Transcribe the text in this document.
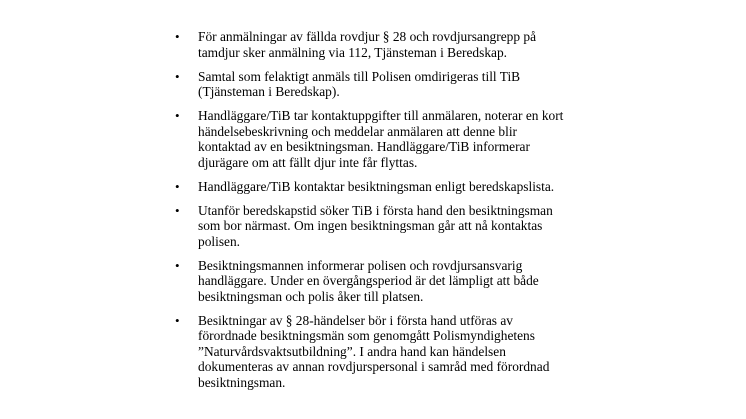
• För anmälningar av fällda rovdjur § 28 och rovdjursangrepp på
tamdjur sker anmälning via 112, Tjänsteman i Beredskap.
• Samtal som felaktigt anmäls till Polisen omdirigeras till TiB
(Tjänsteman i Beredskap).
• Handläggare/TiB tar kontaktuppgifter till anmälaren, noterar en kort
händelsebeskrivning och meddelar anmälaren att denne blir
kontaktad av en besiktningsman. Handläggare/TiB informerar
djurägare om att fällt djur inte får flyttas.
• Handläggare/TiB kontaktar besiktningsman enligt beredskapslista.
• Utanför beredskapstid söker TiB i första hand den besiktningsman
som bor närmast. Om ingen besiktningsman går att nå kontaktas
polisen.
• Besiktningsmannen informerar polisen och rovdjursansvarig
handläggare. Under en övergångsperiod är det lämpligt att både
besiktningsman och polis åker till platsen.
• Besiktningar av § 28-händelser bör i första hand utföras av
förordnade besiktningsmän som genomgått Polismyndighetens
”Naturvårdsvaktsutbildning”. I andra hand kan händelsen
dokumenteras av annan rovdjurspersonal i samråd med förordnad
besiktningsman.
